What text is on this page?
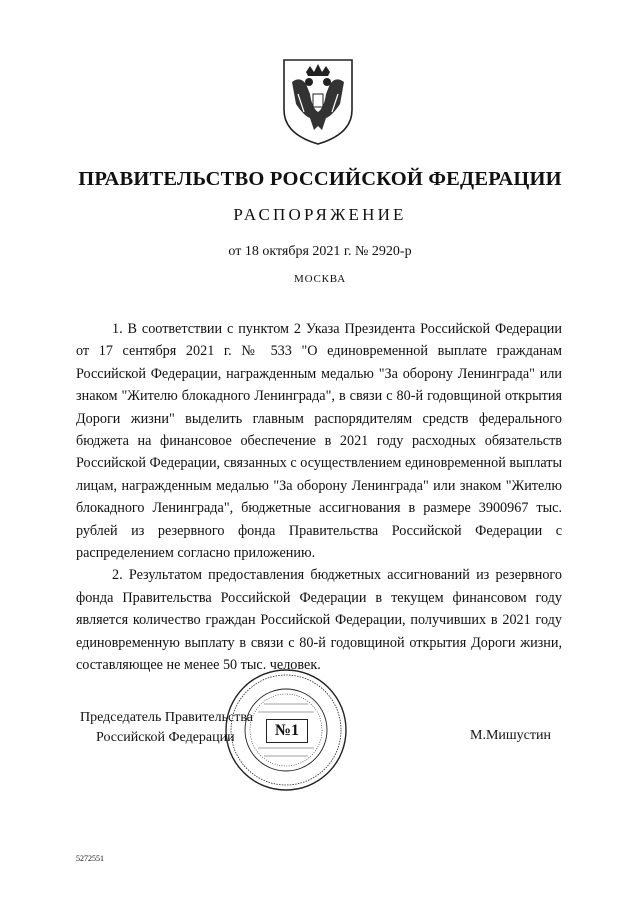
ПРАВИТЕЛЬСТВО РОССИЙСКОЙ ФЕДЕРАЦИИ
РАСПОРЯЖЕНИЕ
от 18 октября 2021 г. № 2920-р
МОСКВА

1. В соответствии с пунктом 2 Указа Президента Российской Федерации от 17 сентября 2021 г. № 533 "О единовременной выплате гражданам Российской Федерации, награжденным медалью "За оборону Ленинграда" или знаком "Жителю блокадного Ленинграда", в связи с 80-й годовщиной открытия Дороги жизни" выделить главным распорядителям средств федерального бюджета на финансовое обеспечение в 2021 году расходных обязательств Российской Федерации, связанных с осуществлением единовременной выплаты лицам, награжденным медалью "За оборону Ленинграда" или знаком "Жителю блокадного Ленинграда", бюджетные ассигнования в размере 3900967 тыс. рублей из резервного фонда Правительства Российской Федерации с распределением согласно приложению.

2. Результатом предоставления бюджетных ассигнований из резервного фонда Правительства Российской Федерации в текущем финансовом году является количество граждан Российской Федерации, получивших в 2021 году единовременную выплату в связи с 80-й годовщиной открытия Дороги жизни, составляющее не менее 50 тыс. человек.

№1
Председатель Правительства
Российской Федерации	М.Мишустин
5272551
